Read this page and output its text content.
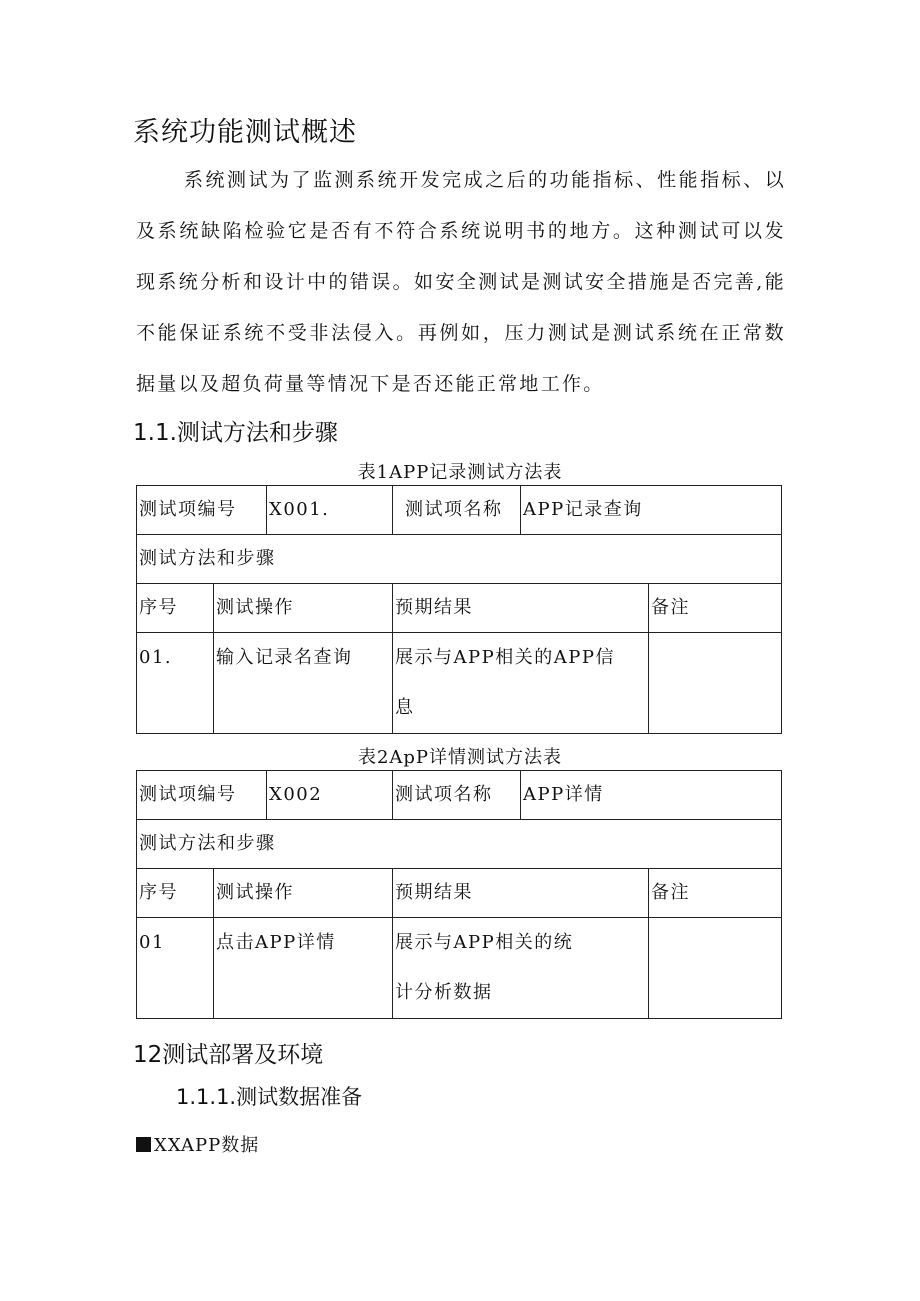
系统功能测试概述
系统测试为了监测系统开发完成之后的功能指标、性能指标、以及系统缺陷检验它是否有不符合系统说明书的地方。这种测试可以发现系统分析和设计中的错误。如安全测试是测试安全措施是否完善,能不能保证系统不受非法侵入。再例如，压力测试是测试系统在正常数据量以及超负荷量等情况下是否还能正常地工作。
1.1.测试方法和步骤
表1APP记录测试方法表
测试项编号		X001.	测试项名称	APP记录查询	
测试方法和步骤					
序号	测试操作		预期结果		备注
01.	输入记录名查询		展示与APP相关的APP信息		
表2ApP详情测试方法表
测试项编号		X002	测试项名称	APP详情	
测试方法和步骤					
序号	测试操作		预期结果		备注
01	点击APP详情		展示与APP相关的统计分析数据		
12测试部署及环境
1.1.1.测试数据准备
XXAPP数据
